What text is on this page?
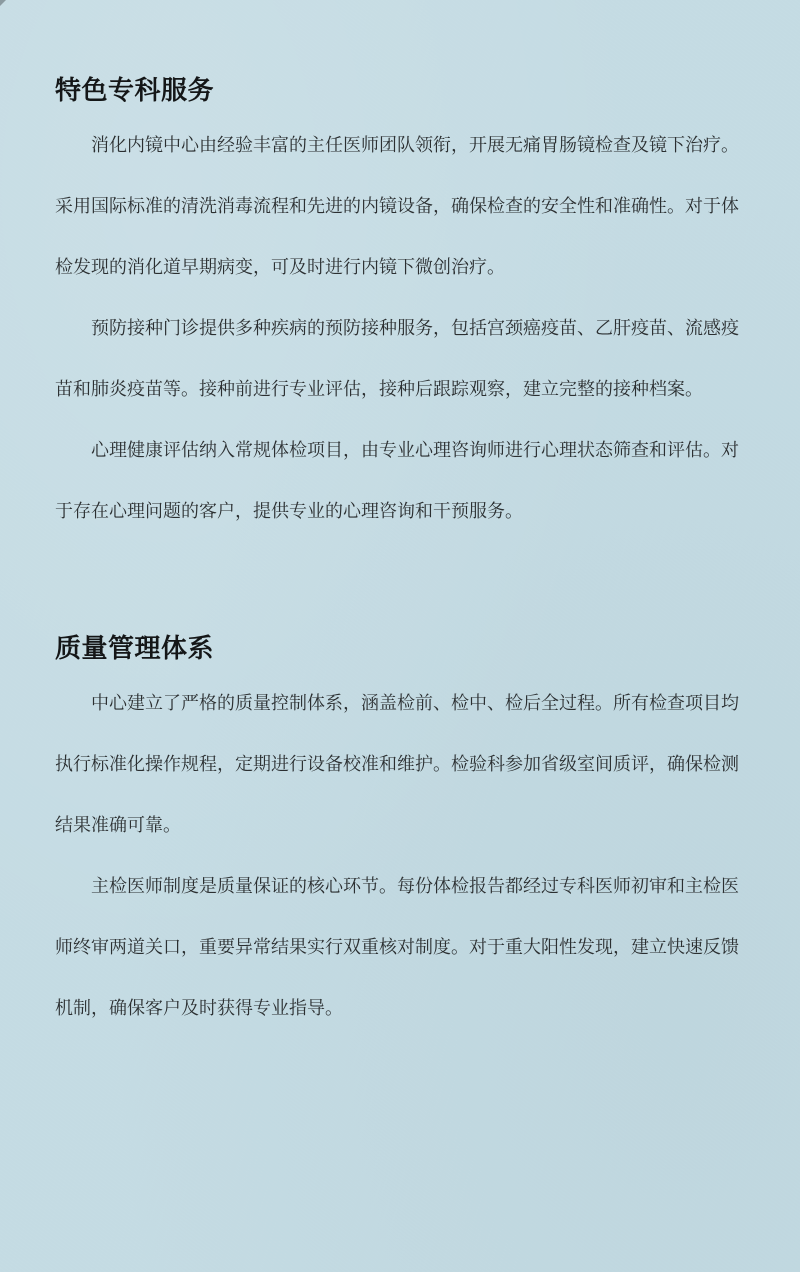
特色专科服务

消化内镜中心由经验丰富的主任医师团队领衔，开展无痛胃肠镜检查及镜下治疗。采用国际标准的清洗消毒流程和先进的内镜设备，确保检查的安全性和准确性。对于体检发现的消化道早期病变，可及时进行内镜下微创治疗。

预防接种门诊提供多种疾病的预防接种服务，包括宫颈癌疫苗、乙肝疫苗、流感疫苗和肺炎疫苗等。接种前进行专业评估，接种后跟踪观察，建立完整的接种档案。

心理健康评估纳入常规体检项目，由专业心理咨询师进行心理状态筛查和评估。对于存在心理问题的客户，提供专业的心理咨询和干预服务。

质量管理体系

中心建立了严格的质量控制体系，涵盖检前、检中、检后全过程。所有检查项目均执行标准化操作规程，定期进行设备校准和维护。检验科参加省级室间质评，确保检测结果准确可靠。

主检医师制度是质量保证的核心环节。每份体检报告都经过专科医师初审和主检医师终审两道关口，重要异常结果实行双重核对制度。对于重大阳性发现，建立快速反馈机制，确保客户及时获得专业指导。
